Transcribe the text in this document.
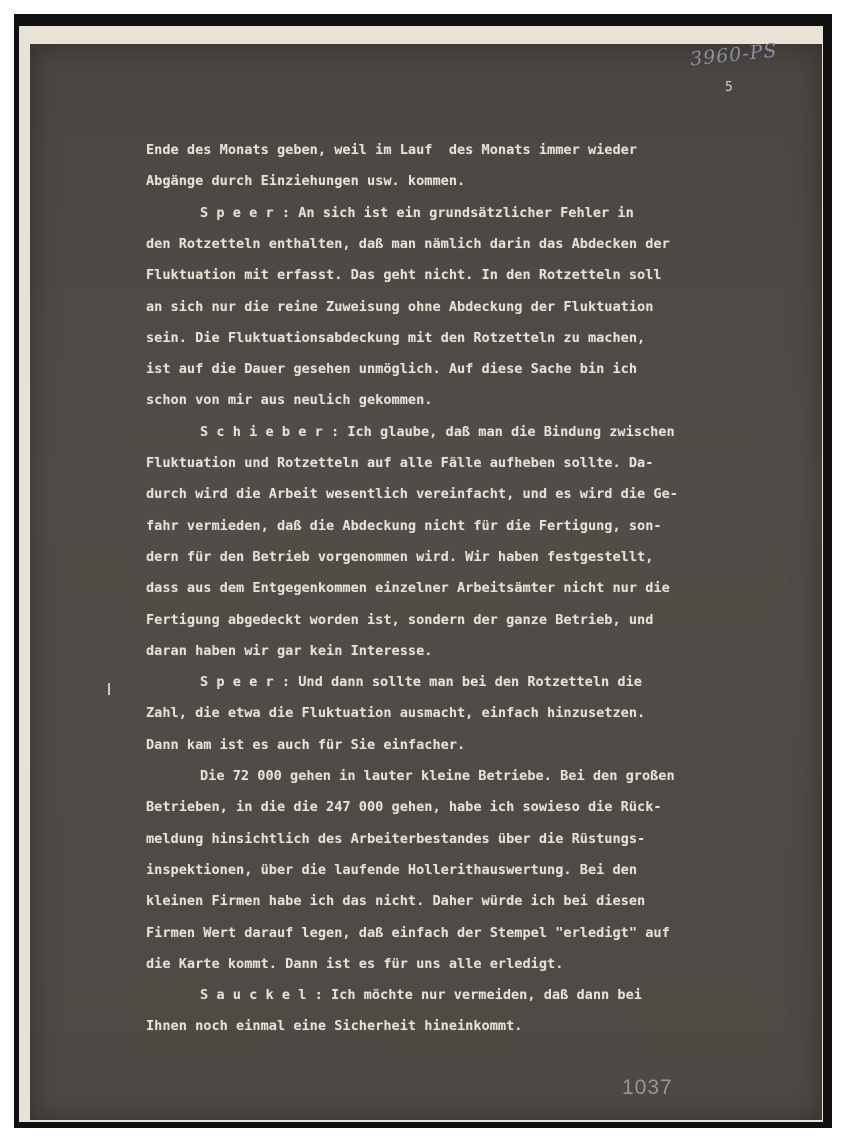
3960-PS
5
Ende des Monats geben, weil im Lauf  des Monats immer wieder
Abgänge durch Einziehungen usw. kommen.
S p e e r : An sich ist ein grundsätzlicher Fehler in
den Rotzetteln enthalten, daß man nämlich darin das Abdecken der
Fluktuation mit erfasst. Das geht nicht. In den Rotzetteln soll
an sich nur die reine Zuweisung ohne Abdeckung der Fluktuation
sein. Die Fluktuationsabdeckung mit den Rotzetteln zu machen,
ist auf die Dauer gesehen unmöglich. Auf diese Sache bin ich
schon von mir aus neulich gekommen.
S c h i e b e r : Ich glaube, daß man die Bindung zwischen
Fluktuation und Rotzetteln auf alle Fälle aufheben sollte. Da-
durch wird die Arbeit wesentlich vereinfacht, und es wird die Ge-
fahr vermieden, daß die Abdeckung nicht für die Fertigung, son-
dern für den Betrieb vorgenommen wird. Wir haben festgestellt,
dass aus dem Entgegenkommen einzelner Arbeitsämter nicht nur die
Fertigung abgedeckt worden ist, sondern der ganze Betrieb, und
daran haben wir gar kein Interesse.
S p e e r : Und dann sollte man bei den Rotzetteln die
Zahl, die etwa die Fluktuation ausmacht, einfach hinzusetzen.
Dann kam ist es auch für Sie einfacher.
Die 72 000 gehen in lauter kleine Betriebe. Bei den großen
Betrieben, in die die 247 000 gehen, habe ich sowieso die Rück-
meldung hinsichtlich des Arbeiterbestandes über die Rüstungs-
inspektionen, über die laufende Hollerithauswertung. Bei den
kleinen Firmen habe ich das nicht. Daher würde ich bei diesen
Firmen Wert darauf legen, daß einfach der Stempel "erledigt" auf
die Karte kommt. Dann ist es für uns alle erledigt.
S a u c k e l : Ich möchte nur vermeiden, daß dann bei
Ihnen noch einmal eine Sicherheit hineinkommt.
1037
